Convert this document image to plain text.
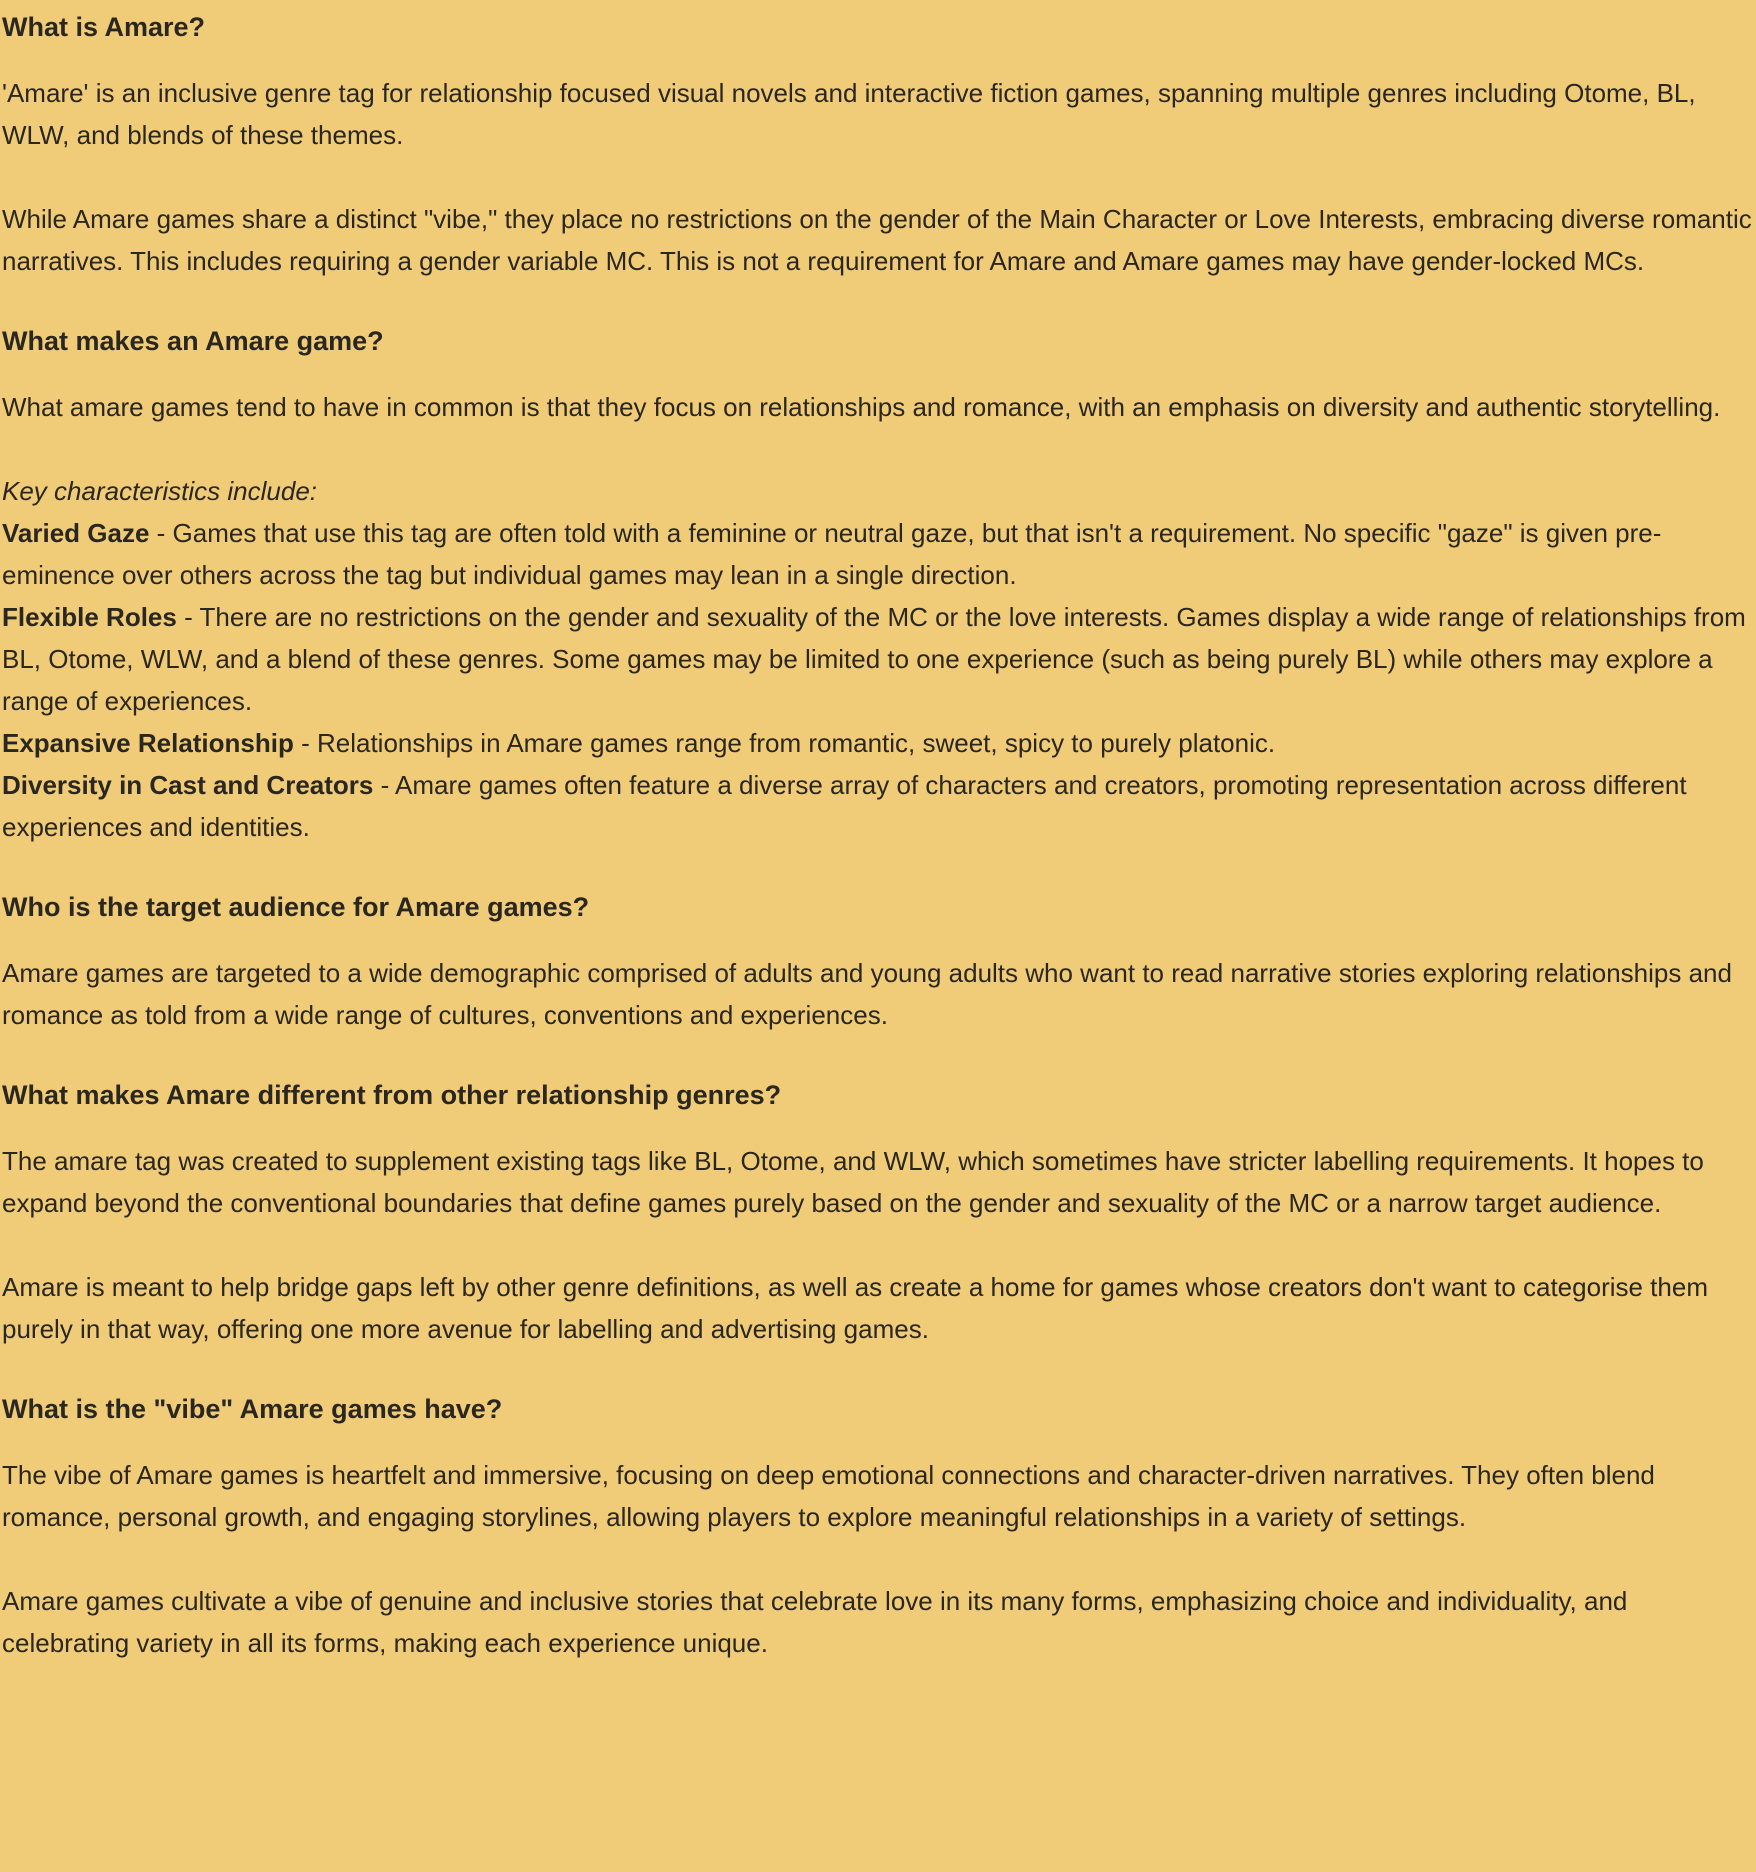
What is Amare?

'Amare' is an inclusive genre tag for relationship focused visual novels and interactive fiction games, spanning multiple genres including Otome, BL, WLW, and blends of these themes.

While Amare games share a distinct "vibe," they place no restrictions on the gender of the Main Character or Love Interests, embracing diverse romantic narratives. This includes requiring a gender variable MC. This is not a requirement for Amare and Amare games may have gender-locked MCs.

What makes an Amare game?

What amare games tend to have in common is that they focus on relationships and romance, with an emphasis on diversity and authentic storytelling.

Key characteristics include:
Varied Gaze - Games that use this tag are often told with a feminine or neutral gaze, but that isn't a requirement. No specific "gaze" is given pre-eminence over others across the tag but individual games may lean in a single direction.
Flexible Roles - There are no restrictions on the gender and sexuality of the MC or the love interests. Games display a wide range of relationships from BL, Otome, WLW, and a blend of these genres. Some games may be limited to one experience (such as being purely BL) while others may explore a range of experiences.
Expansive Relationship - Relationships in Amare games range from romantic, sweet, spicy to purely platonic.
Diversity in Cast and Creators - Amare games often feature a diverse array of characters and creators, promoting representation across different experiences and identities.

Who is the target audience for Amare games?

Amare games are targeted to a wide demographic comprised of adults and young adults who want to read narrative stories exploring relationships and romance as told from a wide range of cultures, conventions and experiences.

What makes Amare different from other relationship genres?

The amare tag was created to supplement existing tags like BL, Otome, and WLW, which sometimes have stricter labelling requirements. It hopes to expand beyond the conventional boundaries that define games purely based on the gender and sexuality of the MC or a narrow target audience.

Amare is meant to help bridge gaps left by other genre definitions, as well as create a home for games whose creators don't want to categorise them purely in that way, offering one more avenue for labelling and advertising games.

What is the "vibe" Amare games have?

The vibe of Amare games is heartfelt and immersive, focusing on deep emotional connections and character-driven narratives. They often blend romance, personal growth, and engaging storylines, allowing players to explore meaningful relationships in a variety of settings.

Amare games cultivate a vibe of genuine and inclusive stories that celebrate love in its many forms, emphasizing choice and individuality, and celebrating variety in all its forms, making each experience unique.
